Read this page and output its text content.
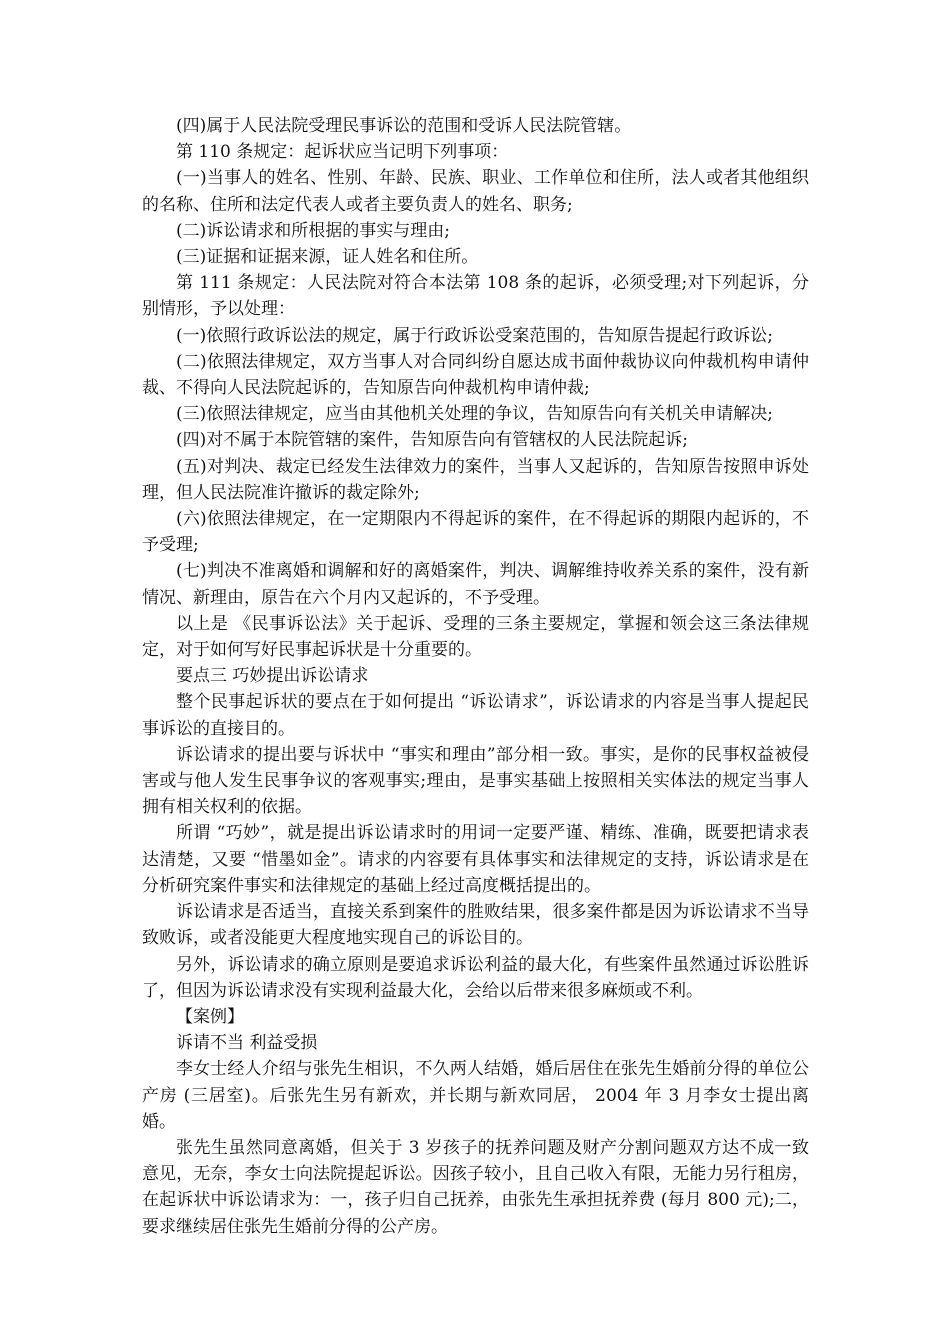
(四)属于人民法院受理民事诉讼的范围和受诉人民法院管辖。

第 110 条规定：起诉状应当记明下列事项：

(一)当事人的姓名、性别、年龄、民族、职业、工作单位和住所，法人或者其他组织的名称、住所和法定代表人或者主要负责人的姓名、职务;

(二)诉讼请求和所根据的事实与理由;

(三)证据和证据来源，证人姓名和住所。

第 111 条规定：人民法院对符合本法第 108 条的起诉，必须受理;对下列起诉，分别情形，予以处理：

(一)依照行政诉讼法的规定，属于行政诉讼受案范围的，告知原告提起行政诉讼;

(二)依照法律规定，双方当事人对合同纠纷自愿达成书面仲裁协议向仲裁机构申请仲裁、不得向人民法院起诉的，告知原告向仲裁机构申请仲裁;

(三)依照法律规定，应当由其他机关处理的争议，告知原告向有关机关申请解决;

(四)对不属于本院管辖的案件，告知原告向有管辖权的人民法院起诉;

(五)对判决、裁定已经发生法律效力的案件，当事人又起诉的，告知原告按照申诉处理，但人民法院准许撤诉的裁定除外;

(六)依照法律规定，在一定期限内不得起诉的案件，在不得起诉的期限内起诉的，不予受理;

(七)判决不准离婚和调解和好的离婚案件，判决、调解维持收养关系的案件，没有新情况、新理由，原告在六个月内又起诉的，不予受理。

以上是 《民事诉讼法》关于起诉、受理的三条主要规定，掌握和领会这三条法律规定，对于如何写好民事起诉状是十分重要的。

要点三 巧妙提出诉讼请求

整个民事起诉状的要点在于如何提出 “诉讼请求”，诉讼请求的内容是当事人提起民事诉讼的直接目的。

诉讼请求的提出要与诉状中 “事实和理由”部分相一致。事实，是你的民事权益被侵害或与他人发生民事争议的客观事实;理由，是事实基础上按照相关实体法的规定当事人拥有相关权利的依据。

所谓 “巧妙”，就是提出诉讼请求时的用词一定要严谨、精练、准确，既要把请求表达清楚，又要 “惜墨如金”。请求的内容要有具体事实和法律规定的支持，诉讼请求是在分析研究案件事实和法律规定的基础上经过高度概括提出的。

诉讼请求是否适当，直接关系到案件的胜败结果，很多案件都是因为诉讼请求不当导致败诉，或者没能更大程度地实现自己的诉讼目的。

另外，诉讼请求的确立原则是要追求诉讼利益的最大化，有些案件虽然通过诉讼胜诉了，但因为诉讼请求没有实现利益最大化，会给以后带来很多麻烦或不利。

【案例】

诉请不当 利益受损

李女士经人介绍与张先生相识，不久两人结婚，婚后居住在张先生婚前分得的单位公产房 (三居室)。后张先生另有新欢，并长期与新欢同居， 2004 年 3 月李女士提出离婚。

张先生虽然同意离婚，但关于 3 岁孩子的抚养问题及财产分割问题双方达不成一致意见，无奈，李女士向法院提起诉讼。因孩子较小，且自己收入有限，无能力另行租房，在起诉状中诉讼请求为：一，孩子归自己抚养，由张先生承担抚养费 (每月 800 元);二，要求继续居住张先生婚前分得的公产房。
